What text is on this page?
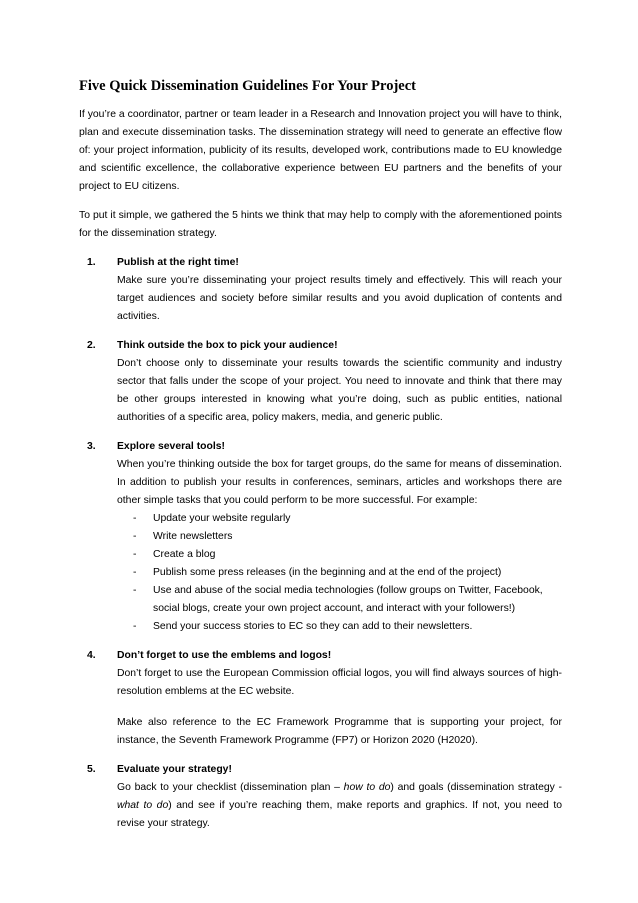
Five Quick Dissemination Guidelines For Your Project

If you’re a coordinator, partner or team leader in a Research and Innovation project you will have to think, plan and execute dissemination tasks. The dissemination strategy will need to generate an effective flow of: your project information, publicity of its results, developed work, contributions made to EU knowledge and scientific excellence, the collaborative experience between EU partners and the benefits of your project to EU citizens.

To put it simple, we gathered the 5 hints we think that may help to comply with the aforementioned points for the dissemination strategy.

1. Publish at the right time!
Make sure you’re disseminating your project results timely and effectively. This will reach your target audiences and society before similar results and you avoid duplication of contents and activities.
2. Think outside the box to pick your audience!
Don’t choose only to disseminate your results towards the scientific community and industry sector that falls under the scope of your project. You need to innovate and think that there may be other groups interested in knowing what you’re doing, such as public entities, national authorities of a specific area, policy makers, media, and generic public.
3. Explore several tools!
When you’re thinking outside the box for target groups, do the same for means of dissemination. In addition to publish your results in conferences, seminars, articles and workshops there are other simple tasks that you could perform to be more successful. For example:
- Update your website regularly
- Write newsletters
- Create a blog
- Publish some press releases (in the beginning and at the end of the project)
- Use and abuse of the social media technologies (follow groups on Twitter, Facebook, social blogs, create your own project account, and interact with your followers!)
- Send your success stories to EC so they can add to their newsletters.
4. Don’t forget to use the emblems and logos!
Don’t forget to use the European Commission official logos, you will find always sources of high-resolution emblems at the EC website.
Make also reference to the EC Framework Programme that is supporting your project, for instance, the Seventh Framework Programme (FP7) or Horizon 2020 (H2020).
5. Evaluate your strategy!
Go back to your checklist (dissemination plan – how to do) and goals (dissemination strategy - what to do) and see if you’re reaching them, make reports and graphics. If not, you need to revise your strategy.
